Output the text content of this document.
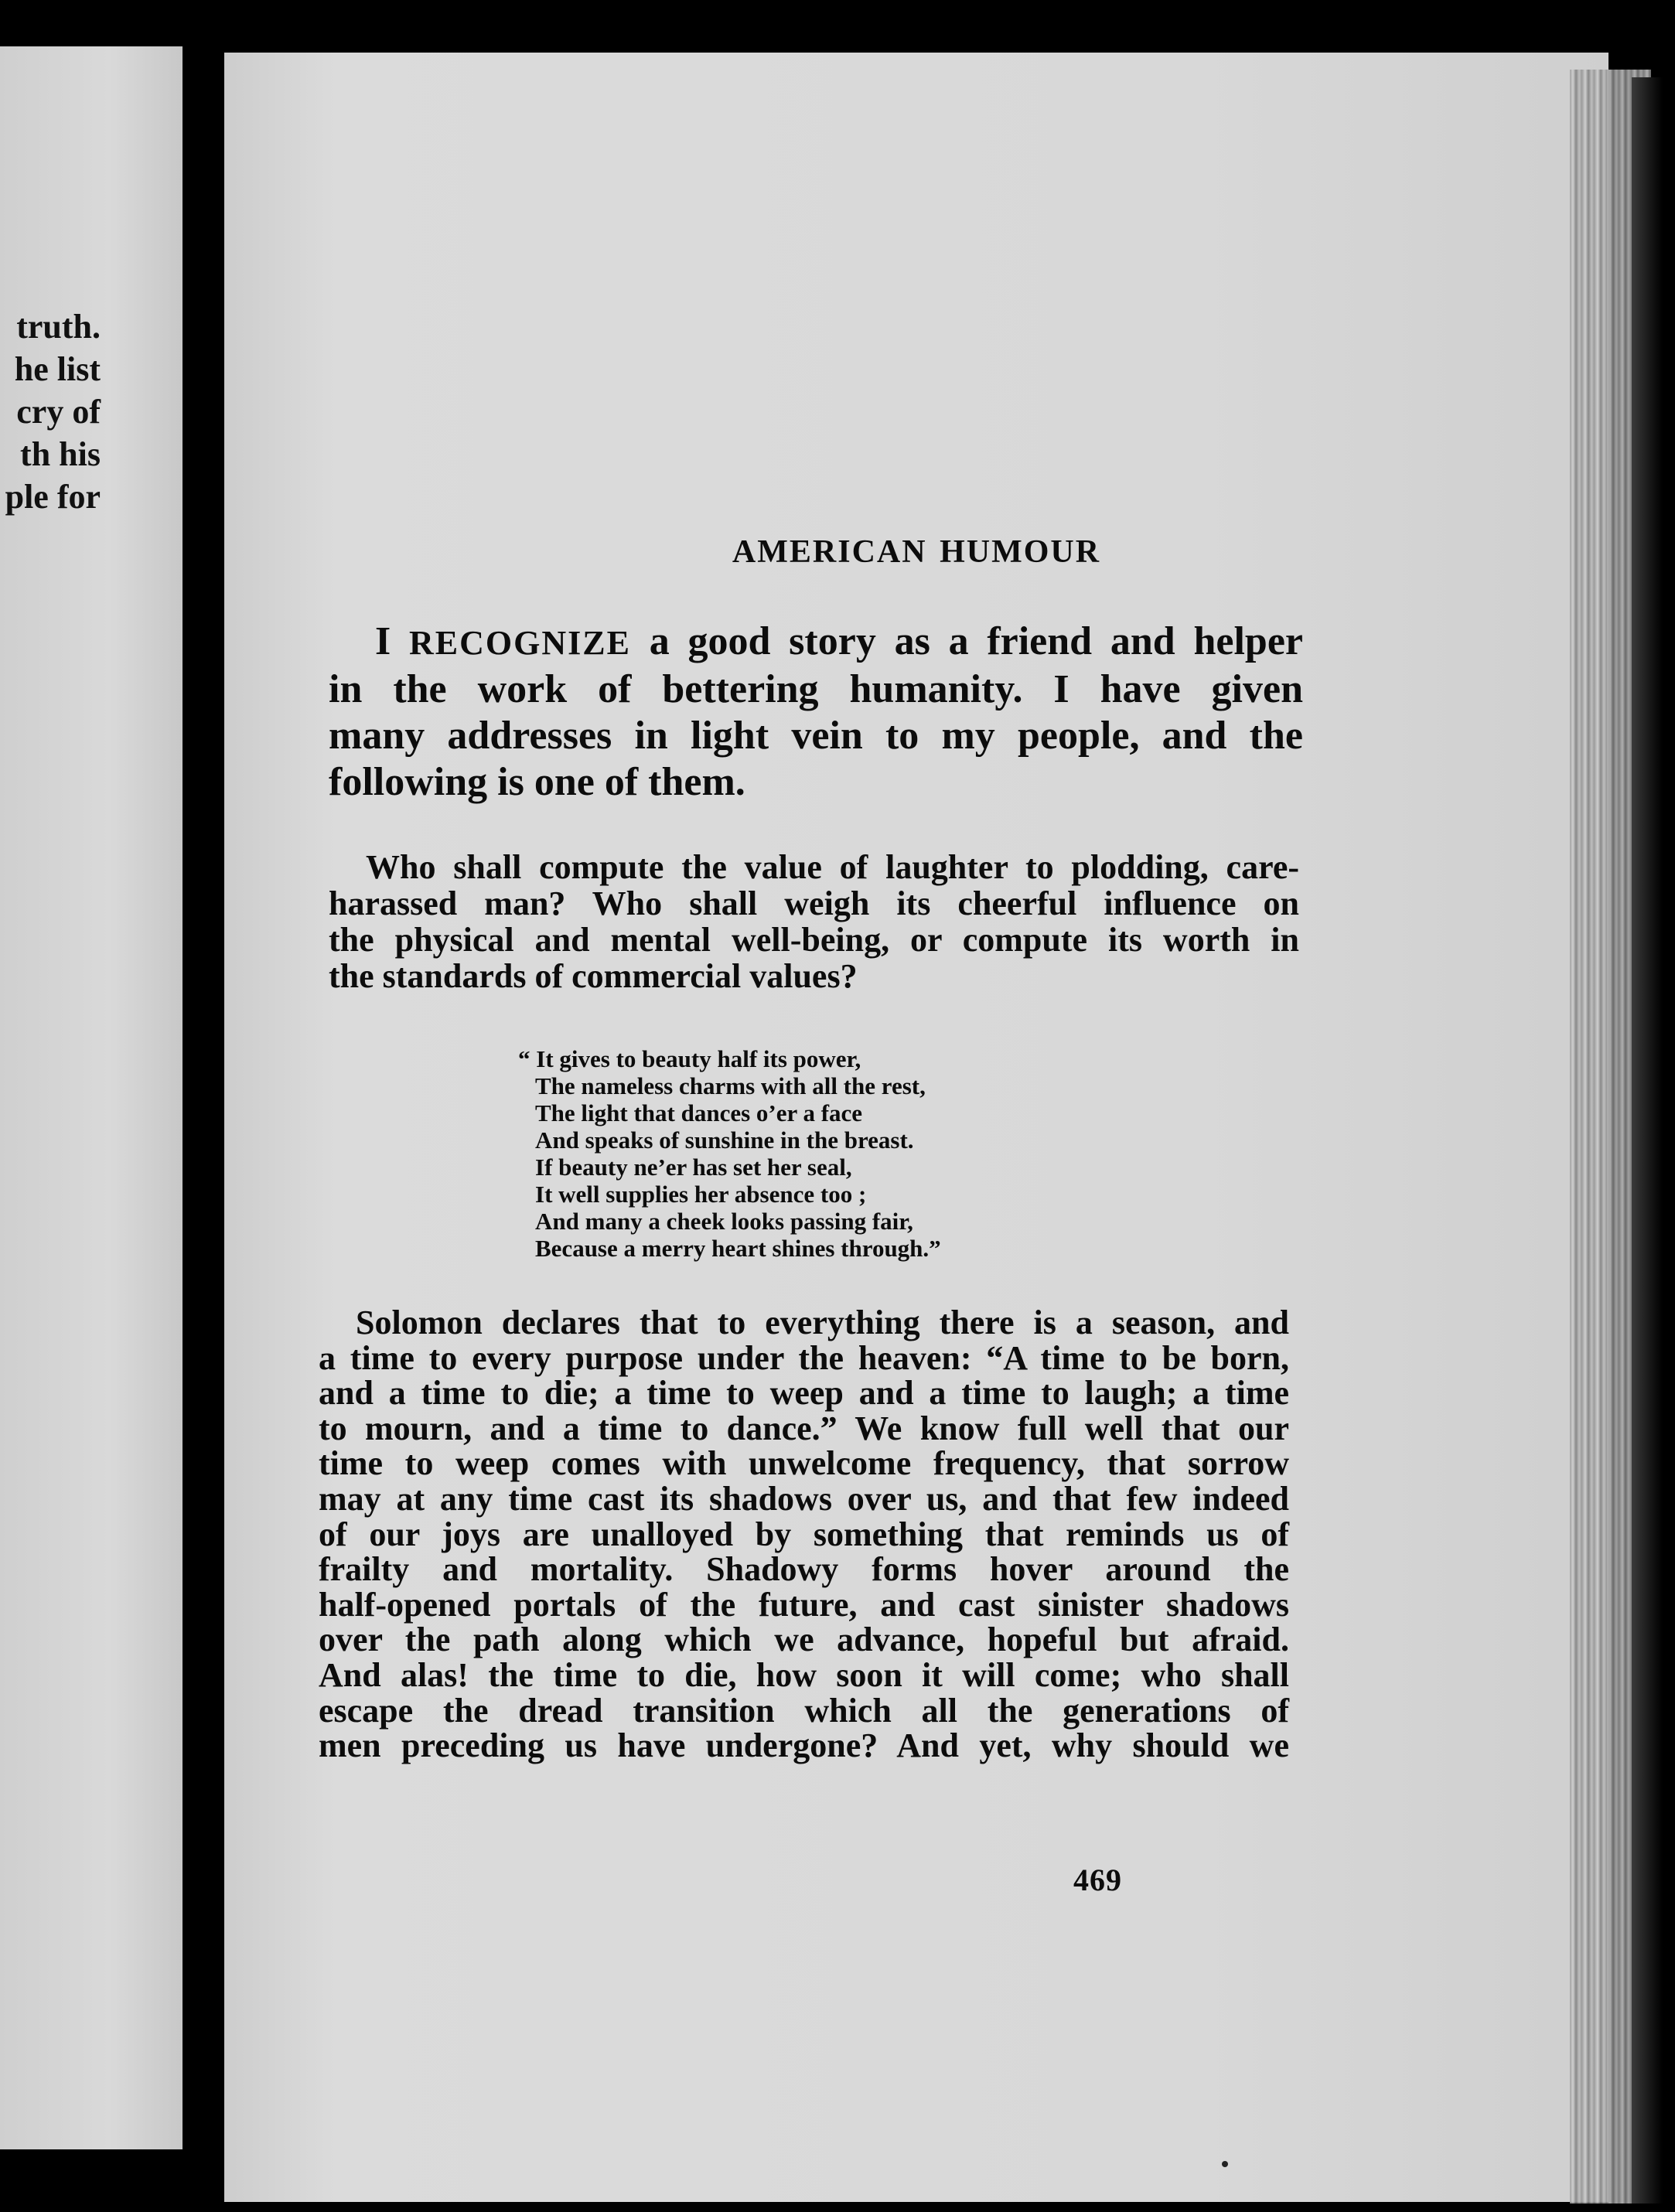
truth.
he list
cry of
th his
ple for
AMERICAN HUMOUR
I RECOGNIZE a good story as a friend and helper
in the work of bettering humanity. I have given
many addresses in light vein to my people, and the
following is one of them.
Who shall compute the value of laughter to plodding, care-
harassed man? Who shall weigh its cheerful influence on
the physical and mental well-being, or compute its worth in
the standards of commercial values?
“ It gives to beauty half its power,
The nameless charms with all the rest,
The light that dances o’er a face
And speaks of sunshine in the breast.
If beauty ne’er has set her seal,
It well supplies her absence too ;
And many a cheek looks passing fair,
Because a merry heart shines through.”
Solomon declares that to everything there is a season, and
a time to every purpose under the heaven: “A time to be born,
and a time to die; a time to weep and a time to laugh; a time
to mourn, and a time to dance.” We know full well that our
time to weep comes with unwelcome frequency, that sorrow
may at any time cast its shadows over us, and that few indeed
of our joys are unalloyed by something that reminds us of
frailty and mortality. Shadowy forms hover around the
half-opened portals of the future, and cast sinister shadows
over the path along which we advance, hopeful but afraid.
And alas! the time to die, how soon it will come; who shall
escape the dread transition which all the generations of
men preceding us have undergone? And yet, why should we
469
